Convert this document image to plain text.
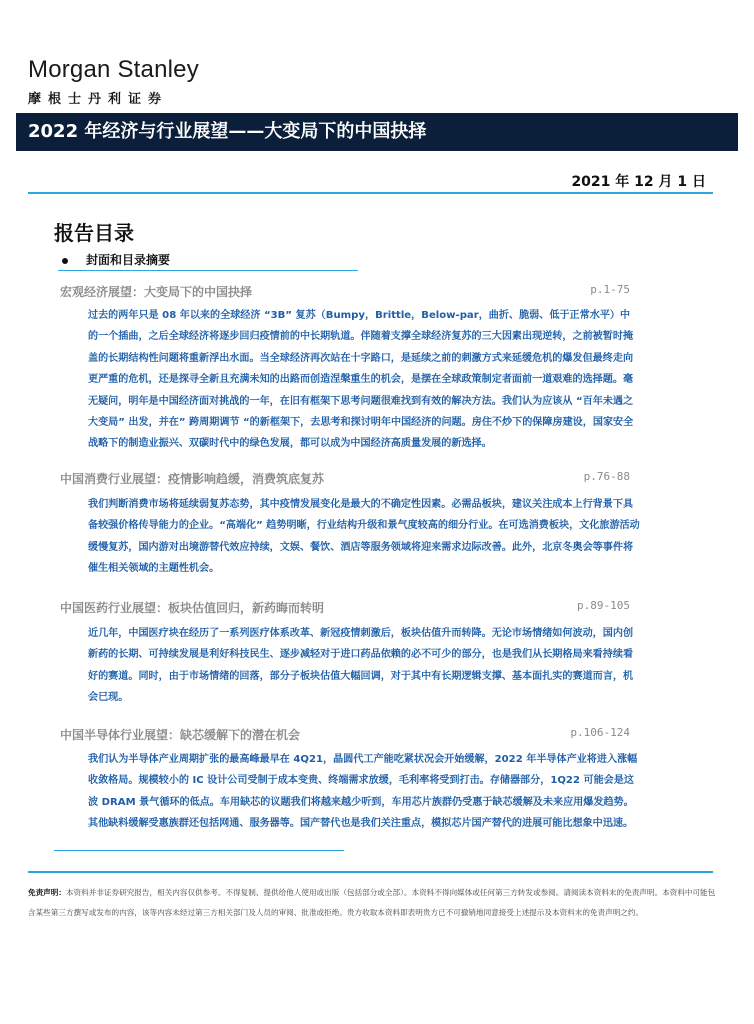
Morgan Stanley
摩根士丹利证券
2022 年经济与行业展望——大变局下的中国抉择
2021 年 12 月 1 日
报告目录
封面和目录摘要
宏观经济展望：大变局下的中国抉择	p.1-75
过去的两年只是 08 年以来的全球经济 “3B” 复苏（Bumpy，Brittle，Below-par，曲折、脆弱、低于正常水平）中的一个插曲，之后全球经济将逐步回归疫情前的中长期轨道。伴随着支撑全球经济复苏的三大因素出现逆转，之前被暂时掩盖的长期结构性问题将重新浮出水面。当全球经济再次站在十字路口，是延续之前的刺激方式来延缓危机的爆发但最终走向更严重的危机，还是探寻全新且充满未知的出路而创造涅槃重生的机会，是摆在全球政策制定者面前一道艰难的选择题。毫无疑问，明年是中国经济面对挑战的一年，在旧有框架下思考问题很难找到有效的解决方法。我们认为应该从 “百年未遇之大变局” 出发，并在” 跨周期调节 “的新框架下，去思考和探讨明年中国经济的问题。房住不炒下的保障房建设，国家安全战略下的制造业振兴、双碳时代中的绿色发展，都可以成为中国经济高质量发展的新选择。
中国消费行业展望：疫情影响趋缓，消费筑底复苏	p.76-88
我们判断消费市场将延续弱复苏态势，其中疫情发展变化是最大的不确定性因素。必需品板块，建议关注成本上行背景下具备较强价格传导能力的企业。“高端化” 趋势明晰，行业结构升级和景气度较高的细分行业。在可选消费板块，文化旅游活动缓慢复苏，国内游对出境游替代效应持续，文娱、餐饮、酒店等服务领域将迎来需求边际改善。此外，北京冬奥会等事件将催生相关领域的主题性机会。
中国医药行业展望：板块估值回归，新药晦而转明	p.89-105
近几年，中国医疗块在经历了一系列医疗体系改革、新冠疫情刺激后，板块估值升而转降。无论市场情绪如何波动，国内创新药的长期、可持续发展是利好科技民生、逐步减轻对于进口药品依赖的必不可少的部分，也是我们从长期格局来看持续看好的赛道。同时，由于市场情绪的回落，部分子板块估值大幅回调，对于其中有长期逻辑支撑、基本面扎实的赛道而言，机会已现。
中国半导体行业展望：缺芯缓解下的潜在机会	p.106-124
我们认为半导体产业周期扩张的最高峰最早在 4Q21，晶圆代工产能吃紧状况会开始缓解，2022 年半导体产业将进入涨幅收敛格局。规模较小的 IC 设计公司受制于成本变贵、终端需求放缓，毛利率将受到打击。存储器部分，1Q22 可能会是这波 DRAM 景气循环的低点。车用缺芯的议题我们将越来越少听到，车用芯片族群仍受惠于缺芯缓解及未来应用爆发趋势。其他缺料缓解受惠族群还包括网通、服务器等。国产替代也是我们关注重点，模拟芯片国产替代的进展可能比想象中迅速。
免责声明：本资料并非证券研究报告，相关内容仅供参考。不得复制、提供给他人使用或出版（包括部分或全部）。本资料不得向媒体或任何第三方转发或参阅。请阅读本资料末的免责声明。本资料中可能包含某些第三方撰写或发布的内容，该等内容未经过第三方相关部门及人员的审阅、批准或拒绝。贵方收取本资料即表明贵方已不可撤销地同意接受上述提示及本资料末的免责声明之约。
